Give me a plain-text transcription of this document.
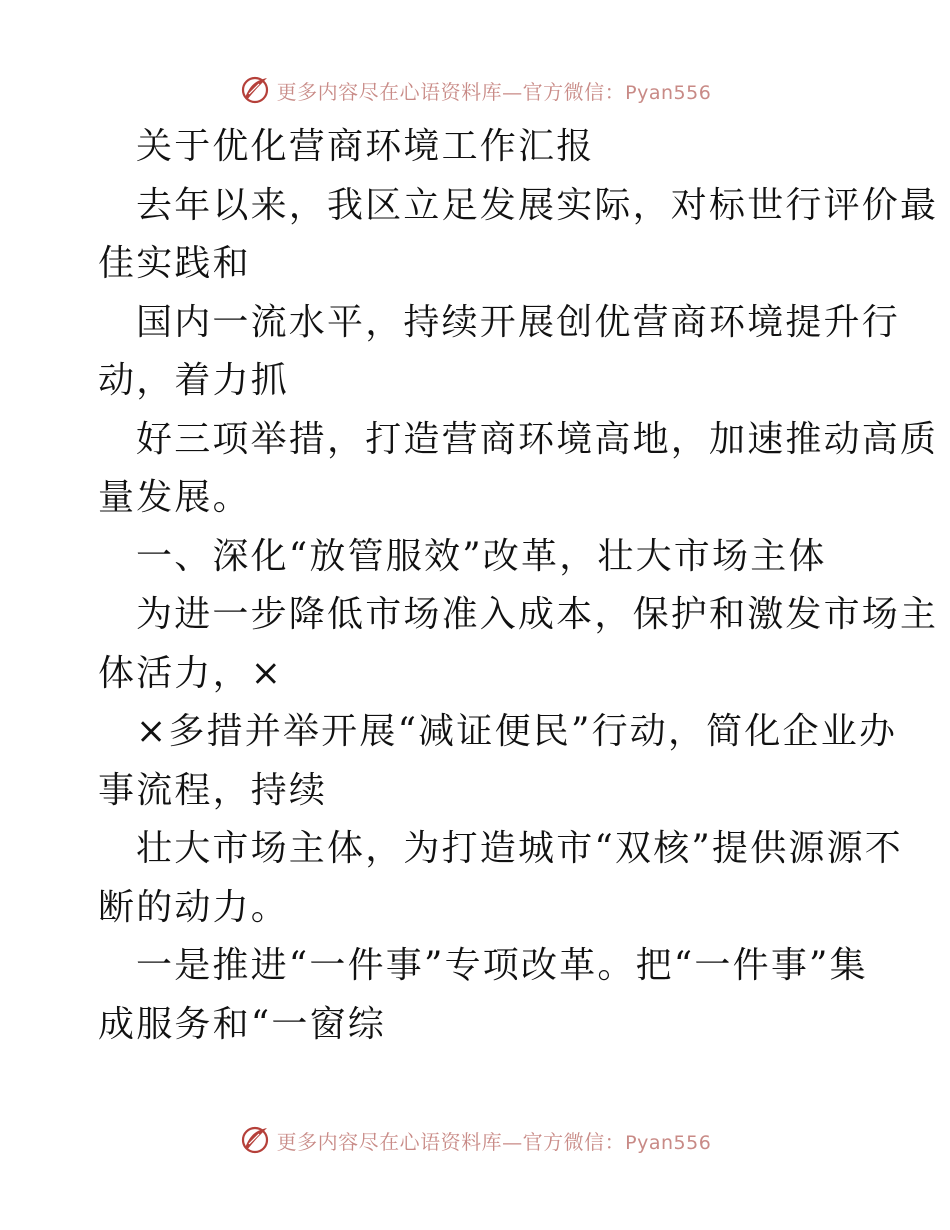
更多内容尽在心语资料库—官方微信：Pyan556
关于优化营商环境工作汇报
去年以来，我区立足发展实际，对标世行评价最
佳实践和
国内一流水平，持续开展创优营商环境提升行
动，着力抓
好三项举措，打造营商环境高地，加速推动高质
量发展。
一、深化“放管服效”改革，壮大市场主体
为进一步降低市场准入成本，保护和激发市场主
体活力，×
×多措并举开展“减证便民”行动，简化企业办
事流程，持续
壮大市场主体，为打造城市“双核”提供源源不
断的动力。
一是推进“一件事”专项改革。把“一件事”集
成服务和“一窗综
更多内容尽在心语资料库—官方微信：Pyan556
